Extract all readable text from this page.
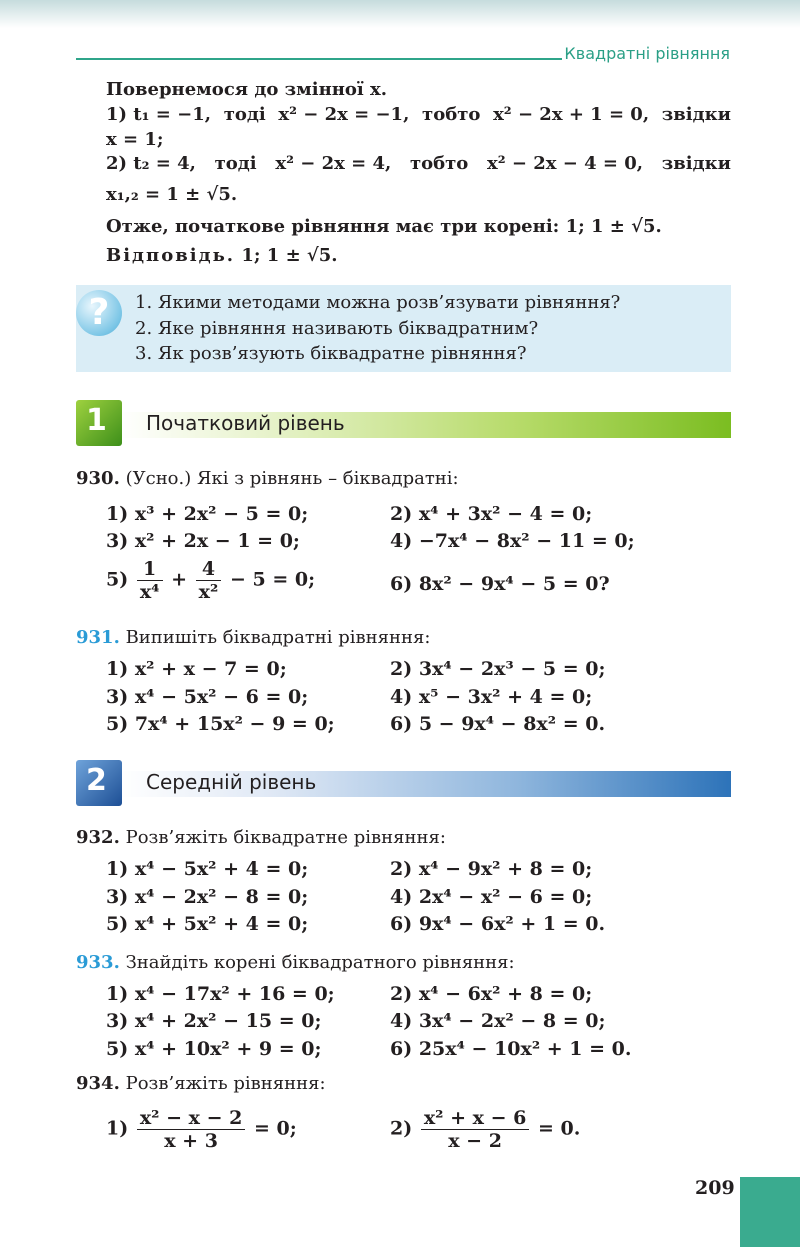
Квадратні рівняння
Повернемося до змінної x.
1) t₁ = −1, тоді x² − 2x = −1, тобто x² − 2x + 1 = 0, звідки
x = 1;
2) t₂ = 4, тоді x² − 2x = 4, тобто x² − 2x − 4 = 0, звідки
x₁,₂ = 1 ± √5.
Отже, початкове рівняння має три корені: 1; 1 ± √5.
Відповідь. 1; 1 ± √5.
?	1. Якими методами можна розв’язувати рівняння?
2. Яке рівняння називають біквадратним?
3. Як розв’язують біквадратне рівняння?
1 Початковий рівень
930. (Усно.) Які з рівнянь – біквадратні:
1) x³ + 2x² − 5 = 0;	2) x⁴ + 3x² − 4 = 0;
3) x² + 2x − 1 = 0;	4) −7x⁴ − 8x² − 11 = 0;
$5) \frac{1}{\text{x⁴}} + \frac{4}{\text{x²}} - 5 = 0$;	6) 8x² − 9x⁴ − 5 = 0?
931. Випишіть біквадратні рівняння:
1) x² + x − 7 = 0;	2) 3x⁴ − 2x³ − 5 = 0;
3) x⁴ − 5x² − 6 = 0;	4) x⁵ − 3x² + 4 = 0;
5) 7x⁴ + 15x² − 9 = 0;	6) 5 − 9x⁴ − 8x² = 0.
2 Середній рівень
932. Розв’яжіть біквадратне рівняння:
1) x⁴ − 5x² + 4 = 0;	2) x⁴ − 9x² + 8 = 0;
3) x⁴ − 2x² − 8 = 0;	4) 2x⁴ − x² − 6 = 0;
5) x⁴ + 5x² + 4 = 0;	6) 9x⁴ − 6x² + 1 = 0.
933. Знайдіть корені біквадратного рівняння:
1) x⁴ − 17x² + 16 = 0;	2) x⁴ − 6x² + 8 = 0;
3) x⁴ + 2x² − 15 = 0;	4) 3x⁴ − 2x² − 8 = 0;
5) x⁴ + 10x² + 9 = 0;	6) 25x⁴ − 10x² + 1 = 0.
934. Розв’яжіть рівняння:
$1) \frac{\text{x² − x − 2}}{x + 3} = 0$;	$2) \frac{\text{x² + x − 6}}{x - 2} = 0$.
209
